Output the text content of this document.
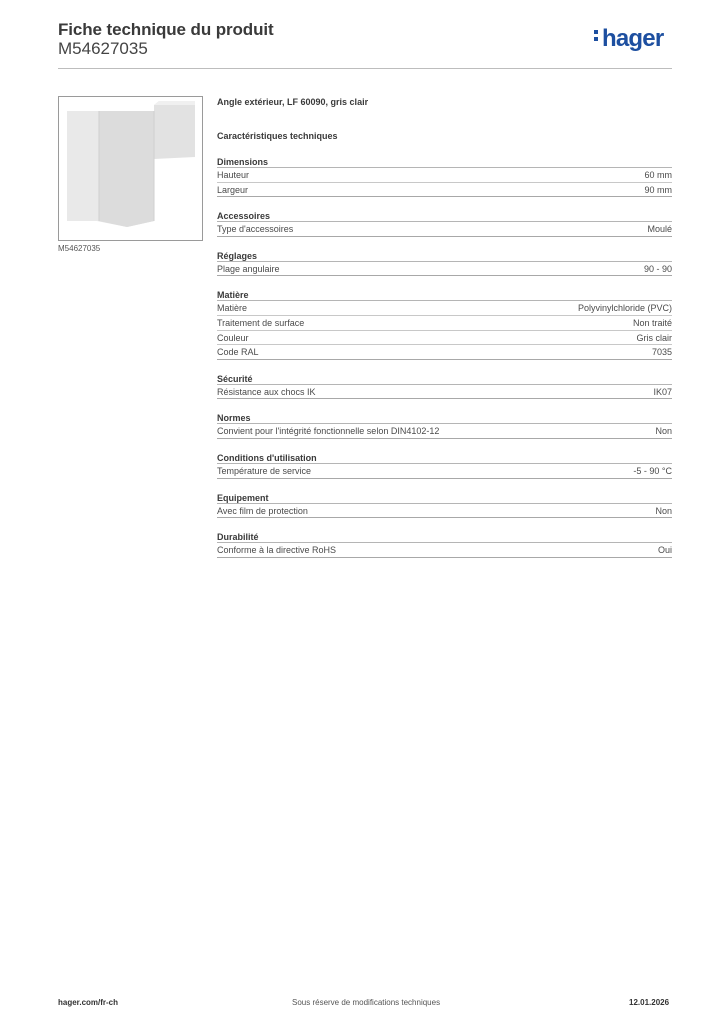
Fiche technique du produit
M54627035	hager
M54627035
Angle extérieur, LF 60090, gris clair
Caractéristiques techniques
Dimensions
Hauteur	60 mm
Largeur	90 mm
Accessoires
Type d'accessoires	Moulé
Réglages
Plage angulaire	90 - 90
Matière
Matière	Polyvinylchloride (PVC)
Traitement de surface	Non traité
Couleur	Gris clair
Code RAL	7035
Sécurité
Résistance aux chocs IK	IK07
Normes
Convient pour l'intégrité fonctionnelle selon DIN4102-12	Non
Conditions d'utilisation
Température de service	-5 - 90 °C
Equipement
Avec film de protection	Non
Durabilité
Conforme à la directive RoHS	Oui
hager.com/fr-ch	Sous réserve de modifications techniques	12.01.2026
